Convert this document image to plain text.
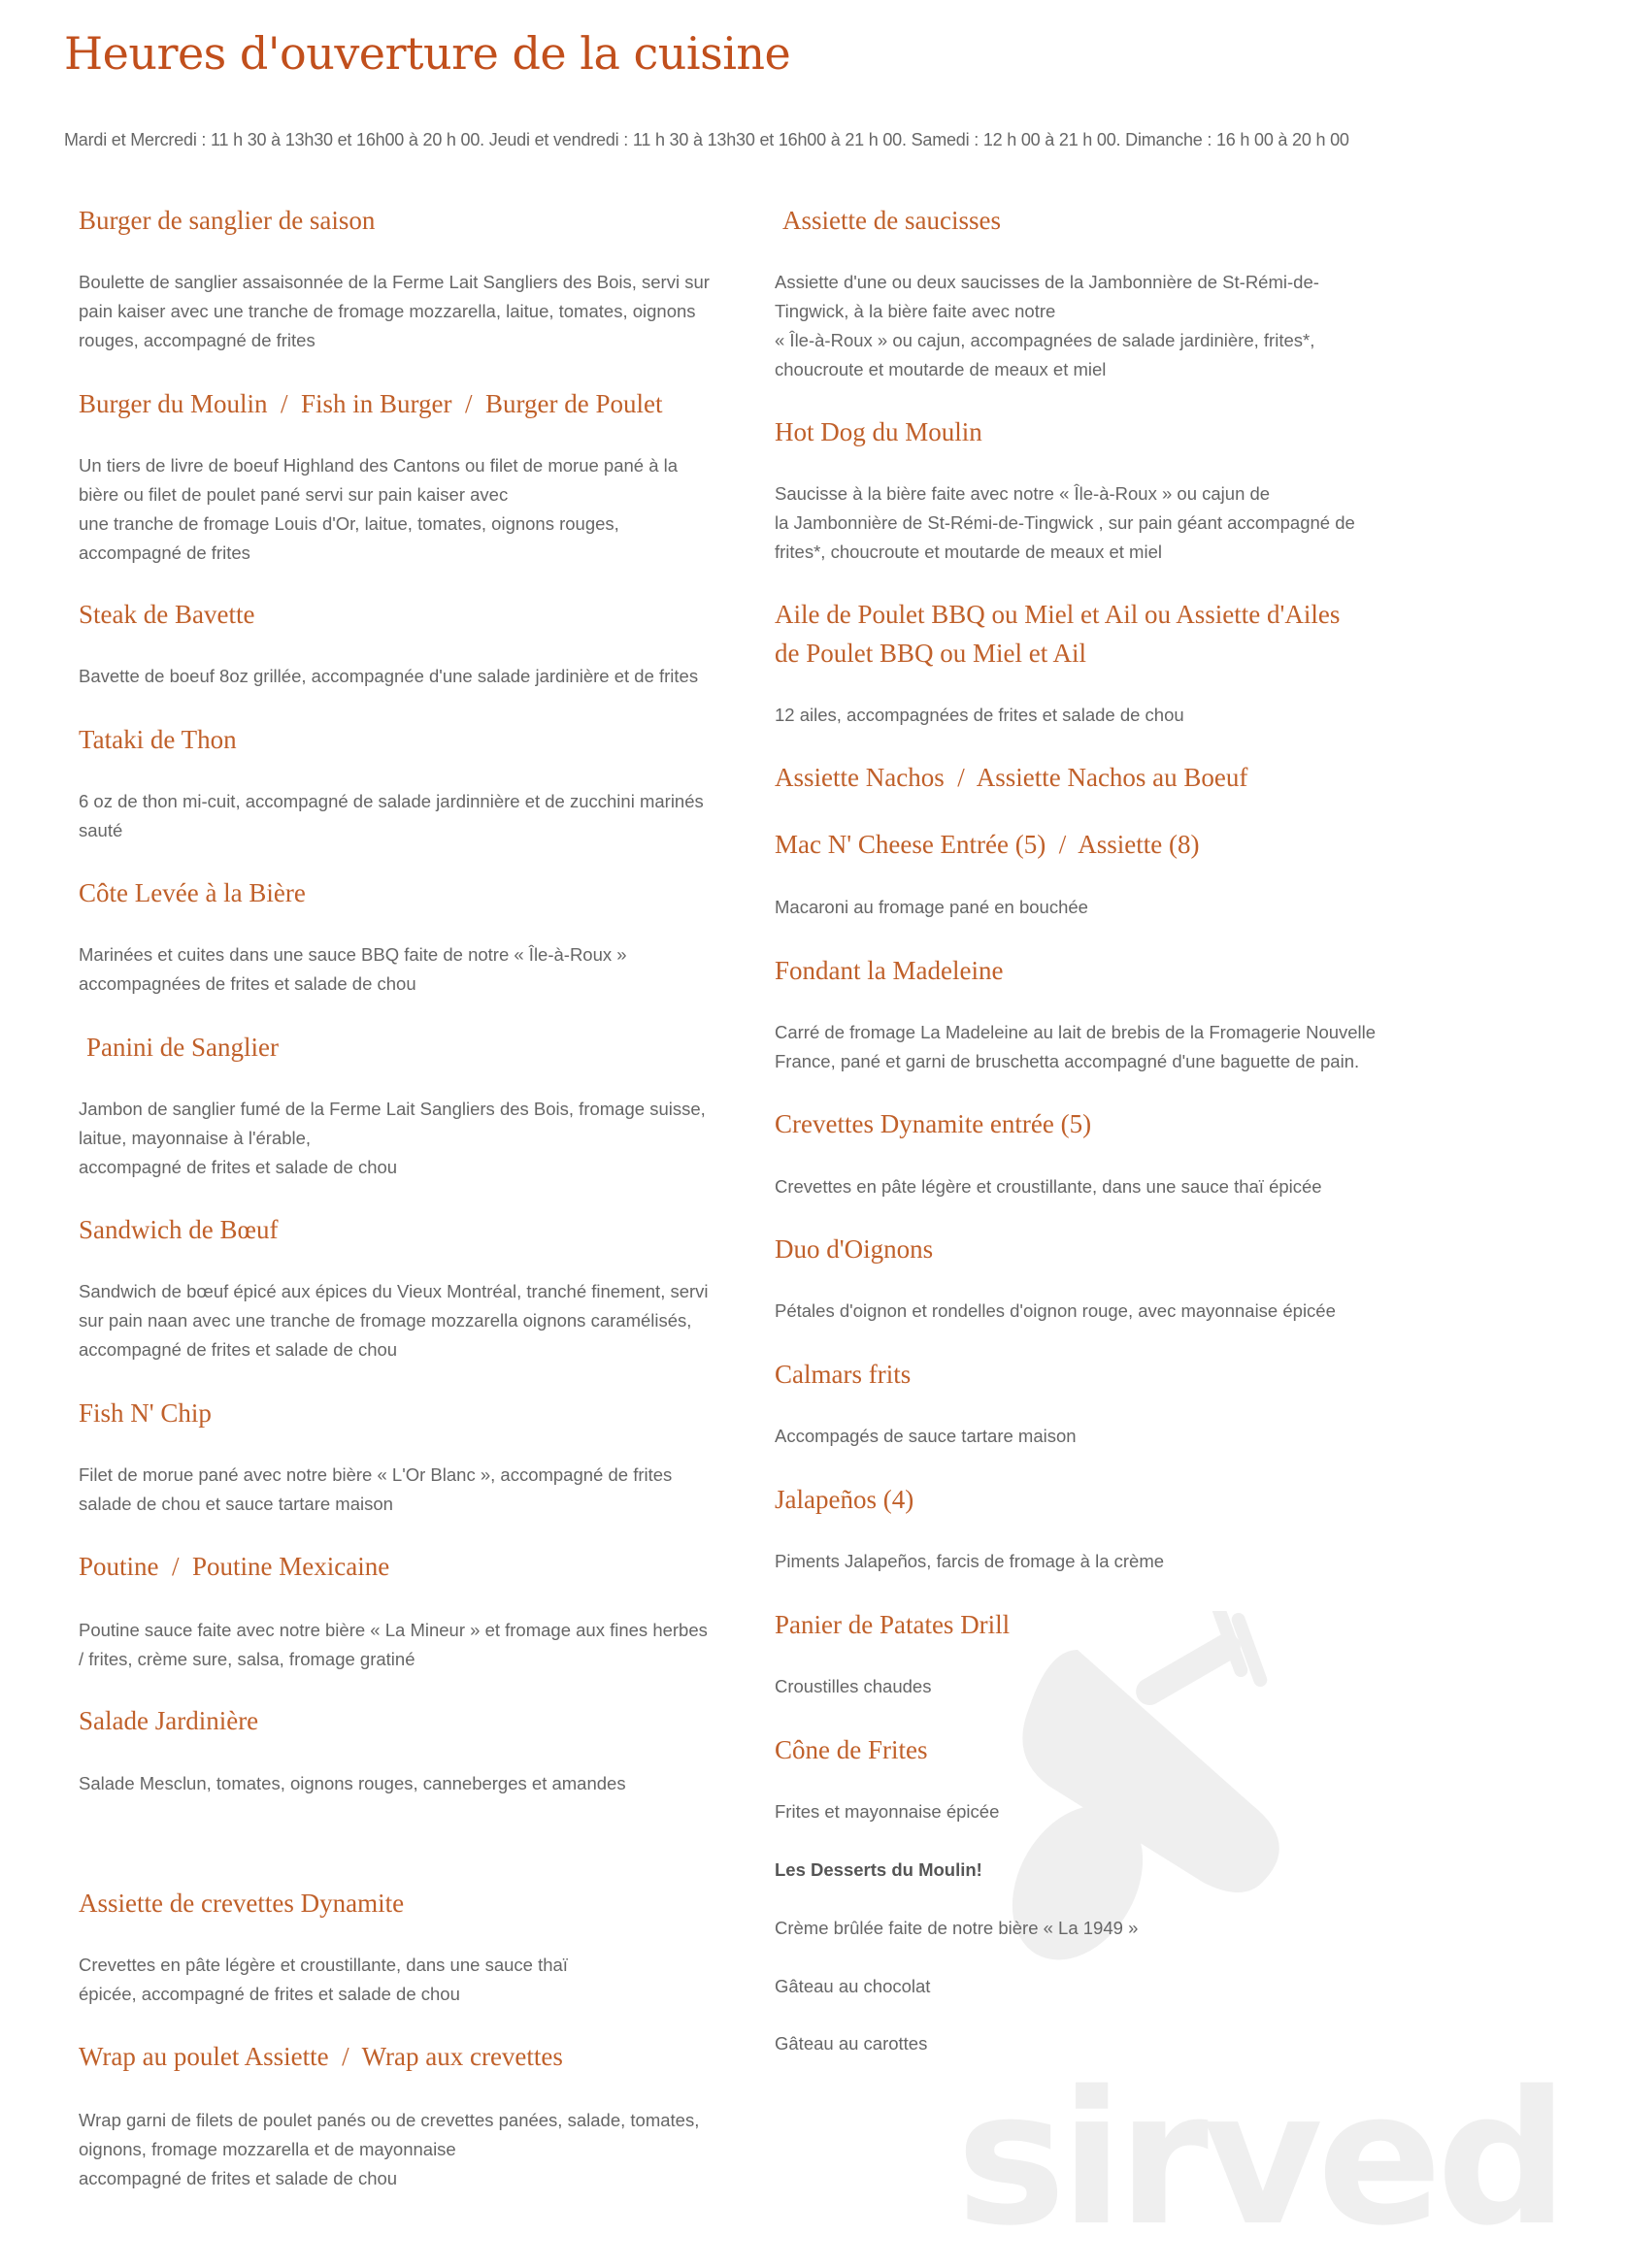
sirved
Heures d'ouverture de la cuisine
Mardi et Mercredi : 11 h 30 à 13h30 et 16h00 à 20 h 00. Jeudi et vendredi : 11 h 30 à 13h30 et 16h00 à 21 h 00. Samedi : 12 h 00 à 21 h 00. Dimanche : 16 h 00 à 20 h 00
Burger de sanglier de saison

Boulette de sanglier assaisonnée de la Ferme Lait Sangliers des Bois, servi sur
pain kaiser avec une tranche de fromage mozzarella, laitue, tomates, oignons
rouges, accompagné de frites

Burger du Moulin  /  Fish in Burger  /  Burger de Poulet

Un tiers de livre de boeuf Highland des Cantons ou filet de morue pané à la
bière ou filet de poulet pané servi sur pain kaiser avec
une tranche de fromage Louis d'Or, laitue, tomates, oignons rouges,
accompagné de frites

Steak de Bavette

Bavette de boeuf 8oz grillée, accompagnée d'une salade jardinière et de frites

Tataki de Thon

6 oz de thon mi-cuit, accompagné de salade jardinnière et de zucchini marinés
sauté

Côte Levée à la Bière

Marinées et cuites dans une sauce BBQ faite de notre « Île-à-Roux »
accompagnées de frites et salade de chou

Panini de Sanglier

Jambon de sanglier fumé de la Ferme Lait Sangliers des Bois, fromage suisse,
laitue, mayonnaise à l'érable,
accompagné de frites et salade de chou

Sandwich de Bœuf

Sandwich de bœuf épicé aux épices du Vieux Montréal, tranché finement, servi
sur pain naan avec une tranche de fromage mozzarella oignons caramélisés,
accompagné de frites et salade de chou

Fish N' Chip

Filet de morue pané avec notre bière « L'Or Blanc », accompagné de frites
salade de chou et sauce tartare maison

Poutine  /  Poutine Mexicaine

Poutine sauce faite avec notre bière « La Mineur » et fromage aux fines herbes
/ frites, crème sure, salsa, fromage gratiné

Salade Jardinière

Salade Mesclun, tomates, oignons rouges, canneberges et amandes

Assiette de crevettes Dynamite

Crevettes en pâte légère et croustillante, dans une sauce thaï
épicée, accompagné de frites et salade de chou

Wrap au poulet Assiette  /  Wrap aux crevettes

Wrap garni de filets de poulet panés ou de crevettes panées, salade, tomates,
oignons, fromage mozzarella et de mayonnaise
accompagné de frites et salade de chou

Assiette de saucisses

Assiette d'une ou deux saucisses de la Jambonnière de St-Rémi-de-
Tingwick, à la bière faite avec notre
« Île-à-Roux » ou cajun, accompagnées de salade jardinière, frites*,
choucroute et moutarde de meaux et miel

Hot Dog du Moulin

Saucisse à la bière faite avec notre « Île-à-Roux » ou cajun de
la Jambonnière de St-Rémi-de-Tingwick , sur pain géant accompagné de
frites*, choucroute et moutarde de meaux et miel

Aile de Poulet BBQ ou Miel et Ail ou Assiette d'Ailes
de Poulet BBQ ou Miel et Ail

12 ailes, accompagnées de frites et salade de chou

Assiette Nachos  /  Assiette Nachos au Boeuf
Mac N' Cheese Entrée (5)  /  Assiette (8)

Macaroni au fromage pané en bouchée

Fondant la Madeleine

Carré de fromage La Madeleine au lait de brebis de la Fromagerie Nouvelle
France, pané et garni de bruschetta accompagné d'une baguette de pain.

Crevettes Dynamite entrée (5)

Crevettes en pâte légère et croustillante, dans une sauce thaï épicée

Duo d'Oignons

Pétales d'oignon et rondelles d'oignon rouge, avec mayonnaise épicée

Calmars frits

Accompagés de sauce tartare maison

Jalapeños (4)

Piments Jalapeños, farcis de fromage à la crème

Panier de Patates Drill

Croustilles chaudes

Cône de Frites

Frites et mayonnaise épicée

Les Desserts du Moulin!

Crème brûlée faite de notre bière « La 1949 »

Gâteau au chocolat

Gâteau au carottes
